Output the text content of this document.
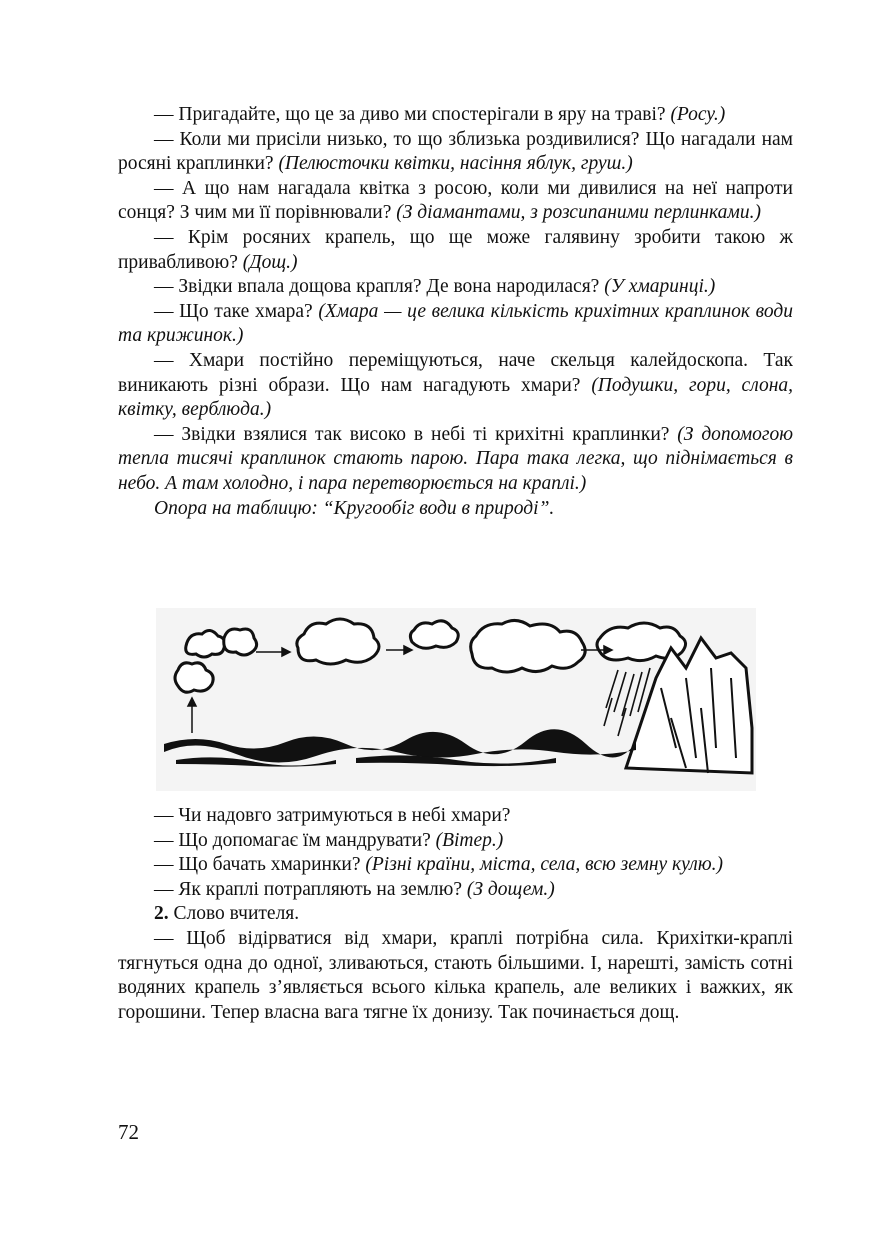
— Пригадайте, що це за диво ми спостерігали в яру на траві? (Росу.)

— Коли ми присіли низько, то що зблизька роздивилися? Що нагадали нам росяні краплинки? (Пелюсточки квітки, насіння яблук, груш.)

— А що нам нагадала квітка з росою, коли ми дивилися на неї напроти сонця? З чим ми її порівнювали? (З діамантами, з розсипаними перлинками.)

— Крім росяних крапель, що ще може галявину зробити такою ж привабливою? (Дощ.)

— Звідки впала дощова крапля? Де вона народилася? (У хмаринці.)

— Що таке хмара? (Хмара — це велика кількість крихітних краплинок води та крижинок.)

— Хмари постійно переміщуються, наче скельця калейдоскопа. Так виникають різні образи. Що нам нагадують хмари? (Подушки, гори, слона, квітку, верблюда.)

— Звідки взялися так високо в небі ті крихітні краплинки? (З допомогою тепла тисячі краплинок стають парою. Пара така легка, що піднімається в небо. А там холодно, і пара перетворюється на краплі.)

Опора на таблицю: “Кругообіг води в природі”.

— Чи надовго затримуються в небі хмари?

— Що допомагає їм мандрувати? (Вітер.)

— Що бачать хмаринки? (Різні країни, міста, села, всю земну кулю.)

— Як краплі потрапляють на землю? (З дощем.)

2. Слово вчителя.

— Щоб відірватися від хмари, краплі потрібна сила. Крихітки-краплі тягнуться одна до одної, зливаються, стають більшими. І, нарешті, замість сотні водяних крапель з’являється всього кілька крапель, але великих і важких, як горошини. Тепер власна вага тягне їх донизу. Так починається дощ.

72
